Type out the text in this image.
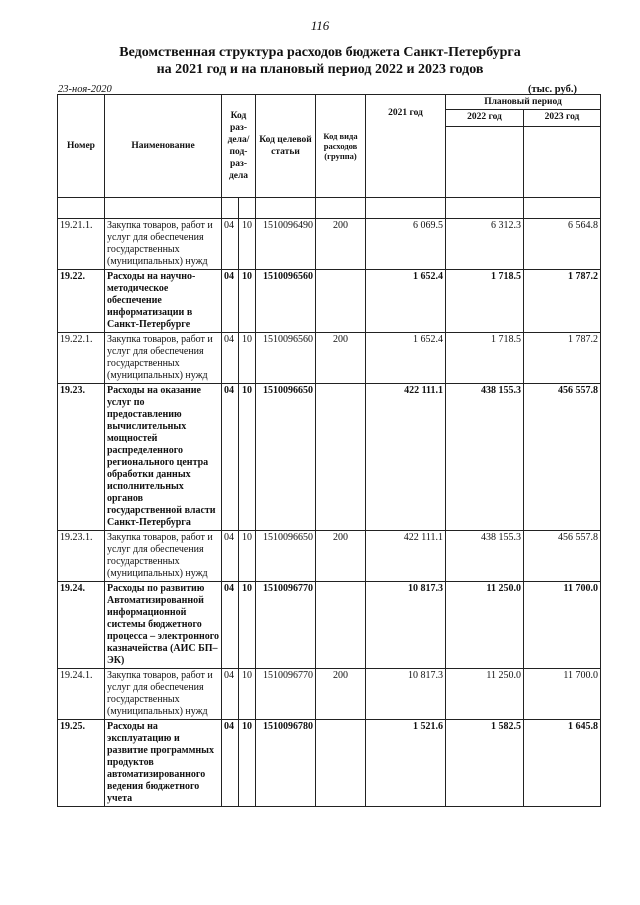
116
Ведомственная структура расходов бюджета Санкт-Петербурга
на 2021 год и на плановый период 2022 и 2023 годов
23-ноя-2020	(тыс. руб.)
Номер	Наименование	Код раз- дела/ под- раз- дела		Код целевой статьи	Код вида расходов (группа)	2021 год	Плановый период	
							2022 год	2023 год

19.21.1.	Закупка товаров, работ и услуг для обеспечения государственных (муниципальных) нужд	04	10	1510096490	200	6 069.5	6 312.3	6 564.8
19.22.	Расходы на научно-методическое обеспечение информатизации в Санкт-Петербурге	04	10	1510096560		1 652.4	1 718.5	1 787.2
19.22.1.	Закупка товаров, работ и услуг для обеспечения государственных (муниципальных) нужд	04	10	1510096560	200	1 652.4	1 718.5	1 787.2
19.23.	Расходы на оказание услуг по предоставлению вычислительных мощностей распределенного регионального центра обработки данных исполнительных органов государственной власти Санкт-Петербурга	04	10	1510096650		422 111.1	438 155.3	456 557.8
19.23.1.	Закупка товаров, работ и услуг для обеспечения государственных (муниципальных) нужд	04	10	1510096650	200	422 111.1	438 155.3	456 557.8
19.24.	Расходы по развитию Автоматизированной информационной системы бюджетного процесса – электронного казначейства (АИС БП–ЭК)	04	10	1510096770		10 817.3	11 250.0	11 700.0
19.24.1.	Закупка товаров, работ и услуг для обеспечения государственных (муниципальных) нужд	04	10	1510096770	200	10 817.3	11 250.0	11 700.0
19.25.	Расходы на эксплуатацию и развитие программных продуктов автоматизированного ведения бюджетного учета	04	10	1510096780		1 521.6	1 582.5	1 645.8
